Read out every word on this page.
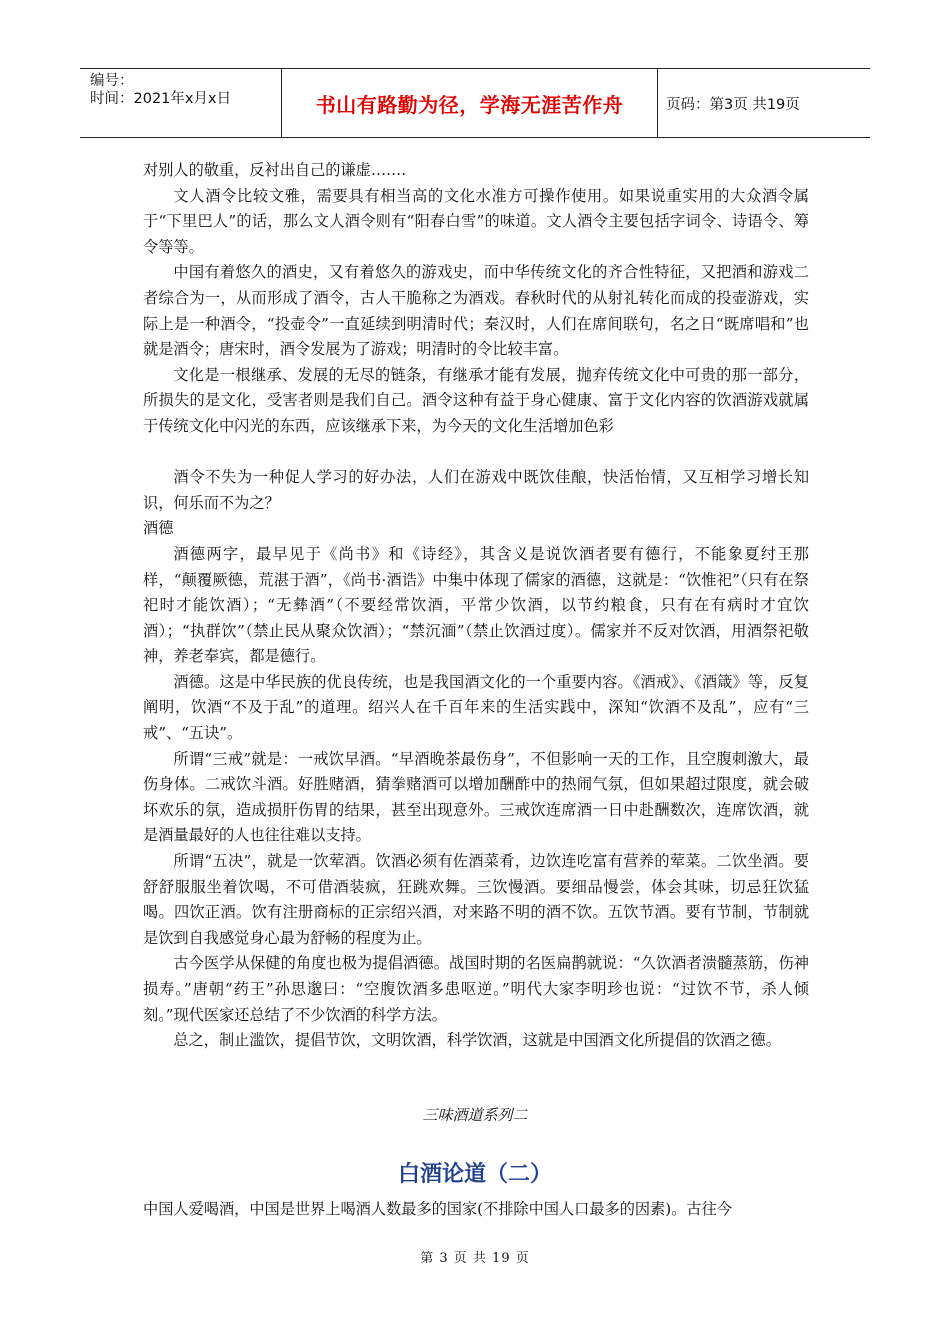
编号：
时间：2021年x月x日	书山有路勤为径，学海无涯苦作舟	页码：第3页 共19页

对别人的敬重，反衬出自己的谦虚…….

文人酒令比较文雅，需要具有相当高的文化水准方可操作使用。如果说重实用的大众酒令属于“下里巴人”的话，那么文人酒令则有“阳春白雪”的味道。文人酒令主要包括字词令、诗语令、筹令等等。

中国有着悠久的酒史，又有着悠久的游戏史，而中华传统文化的齐合性特征，又把酒和游戏二者综合为一，从而形成了酒令，古人干脆称之为酒戏。春秋时代的从射礼转化而成的投壶游戏，实际上是一种酒令，“投壶令”一直延续到明清时代；秦汉时，人们在席间联句，名之日“既席唱和”也就是酒令；唐宋时，酒令发展为了游戏；明清时的令比较丰富。

文化是一根继承、发展的无尽的链条，有继承才能有发展，抛弃传统文化中可贵的那一部分，所损失的是文化，受害者则是我们自己。酒令这种有益于身心健康、富于文化内容的饮酒游戏就属于传统文化中闪光的东西，应该继承下来，为今天的文化生活增加色彩

酒令不失为一种促人学习的好办法，人们在游戏中既饮佳酿，快活怡情，又互相学习增长知识，何乐而不为之？

酒德

酒德两字，最早见于《尚书》和《诗经》，其含义是说饮酒者要有德行，不能象夏纣王那样，“颠覆厥德，荒湛于酒”，《尚书·酒诰》中集中体现了儒家的酒德，这就是：“饮惟祀”（只有在祭祀时才能饮酒）；“无彝酒”（不要经常饮酒，平常少饮酒，以节约粮食，只有在有病时才宜饮酒）；“执群饮”（禁止民从聚众饮酒）；“禁沉湎”（禁止饮酒过度）。儒家并不反对饮酒，用酒祭祀敬神，养老奉宾，都是德行。

酒德。这是中华民族的优良传统，也是我国酒文化的一个重要内容。《酒戒》、《酒箴》等，反复阐明，饮酒“不及于乱”的道理。绍兴人在千百年来的生活实践中，深知“饮酒不及乱”，应有“三戒”、“五诀”。

所谓“三戒”就是：一戒饮早酒。“早酒晚茶最伤身”，不但影响一天的工作，且空腹刺激大，最伤身体。二戒饮斗酒。好胜赌酒，猜拳赌酒可以增加酬酢中的热闹气氛，但如果超过限度，就会破坏欢乐的氛，造成损肝伤胃的结果，甚至出现意外。三戒饮连席酒一日中赴酬数次，连席饮酒，就是酒量最好的人也往往难以支持。

所谓“五决”，就是一饮荤酒。饮酒必须有佐酒菜肴，边饮连吃富有营养的荤菜。二饮坐酒。要舒舒服服坐着饮喝，不可借酒装疯，狂跳欢舞。三饮慢酒。要细品慢尝，体会其味，切忌狂饮猛喝。四饮正酒。饮有注册商标的正宗绍兴酒，对来路不明的酒不饮。五饮节酒。要有节制，节制就是饮到自我感觉身心最为舒畅的程度为止。

古今医学从保健的角度也极为提倡酒德。战国时期的名医扁鹊就说：“久饮酒者溃髓蒸筋，伤神损寿。”唐朝“药王”孙思邈曰：“空腹饮酒多患呕逆。”明代大家李明珍也说：“过饮不节，杀人倾刻。”现代医家还总结了不少饮酒的科学方法。

总之，制止滥饮，提倡节饮，文明饮酒，科学饮酒，这就是中国酒文化所提倡的饮酒之德。

三味酒道系列二
白酒论道（二）
中国人爱喝酒，中国是世界上喝酒人数最多的国家(不排除中国人口最多的因素)。古往今
第 3 页 共 19 页
